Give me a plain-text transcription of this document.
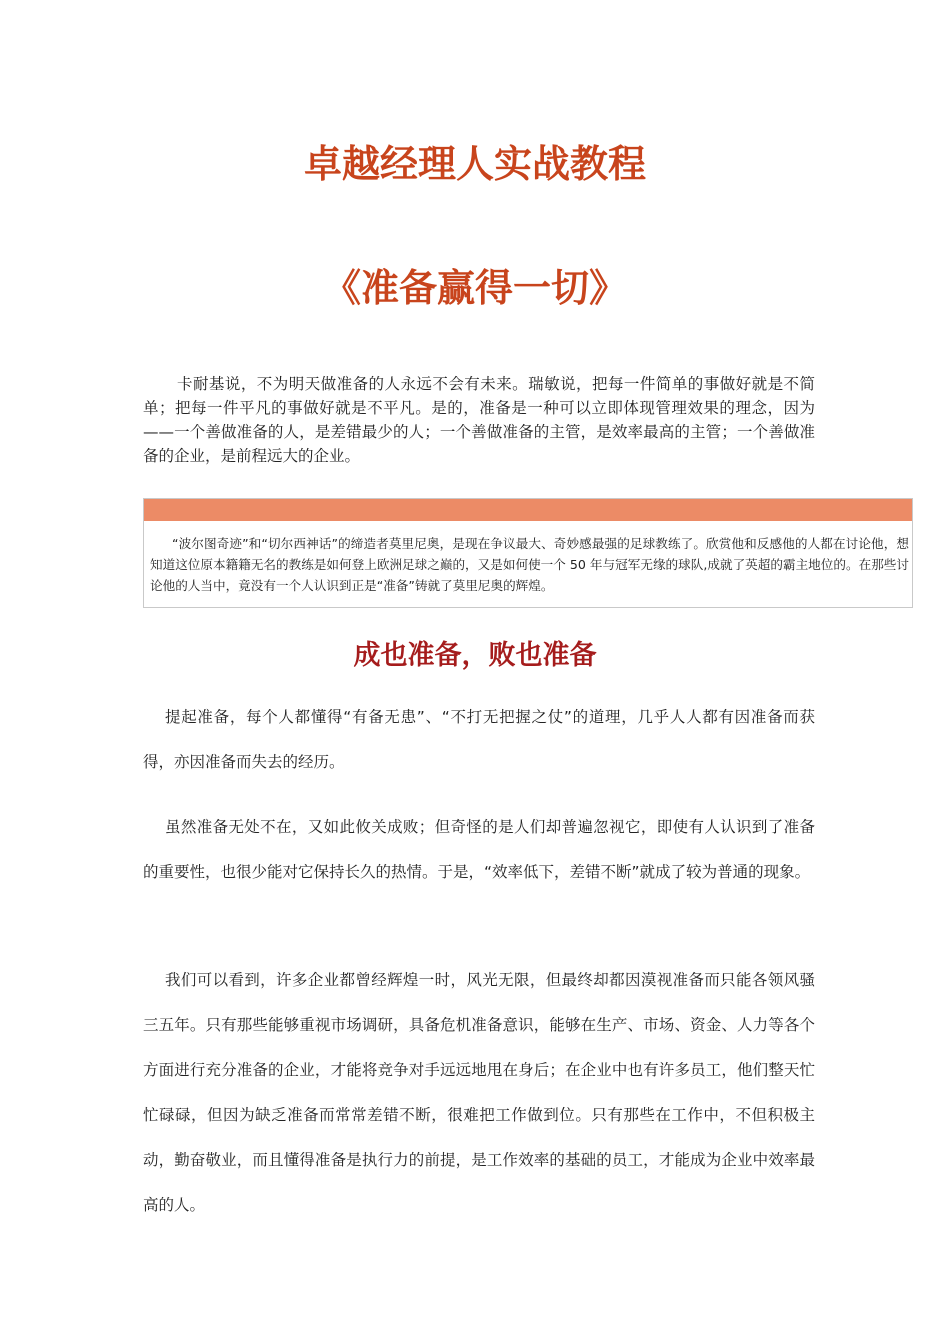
卓越经理人实战教程
《准备赢得一切》

卡耐基说，不为明天做准备的人永远不会有未来。瑞敏说，把每一件简单的事做好就是不简单；把每一件平凡的事做好就是不平凡。是的，准备是一种可以立即体现管理效果的理念，因为——一个善做准备的人，是差错最少的人；一个善做准备的主管，是效率最高的主管；一个善做准备的企业，是前程远大的企业。

“波尔图奇迹”和“切尔西神话”的缔造者莫里尼奥，是现在争议最大、奇妙感最强的足球教练了。欣赏他和反感他的人都在讨论他，想知道这位原本籍籍无名的教练是如何登上欧洲足球之巅的，又是如何使一个 50 年与冠军无缘的球队,成就了英超的霸主地位的。在那些讨论他的人当中，竟没有一个人认识到正是“准备”铸就了莫里尼奥的辉煌。

成也准备，败也准备

提起准备，每个人都懂得“有备无患”、“不打无把握之仗”的道理，几乎人人都有因准备而获得，亦因准备而失去的经历。

虽然准备无处不在，又如此攸关成败；但奇怪的是人们却普遍忽视它，即使有人认识到了准备的重要性，也很少能对它保持长久的热情。于是，“效率低下，差错不断”就成了较为普通的现象。

我们可以看到，许多企业都曾经辉煌一时，风光无限，但最终却都因漠视准备而只能各领风骚三五年。只有那些能够重视市场调研，具备危机准备意识，能够在生产、市场、资金、人力等各个方面进行充分准备的企业，才能将竞争对手远远地甩在身后；在企业中也有许多员工，他们整天忙忙碌碌，但因为缺乏准备而常常差错不断，很难把工作做到位。只有那些在工作中，不但积极主动，勤奋敬业，而且懂得准备是执行力的前提，是工作效率的基础的员工，才能成为企业中效率最高的人。
